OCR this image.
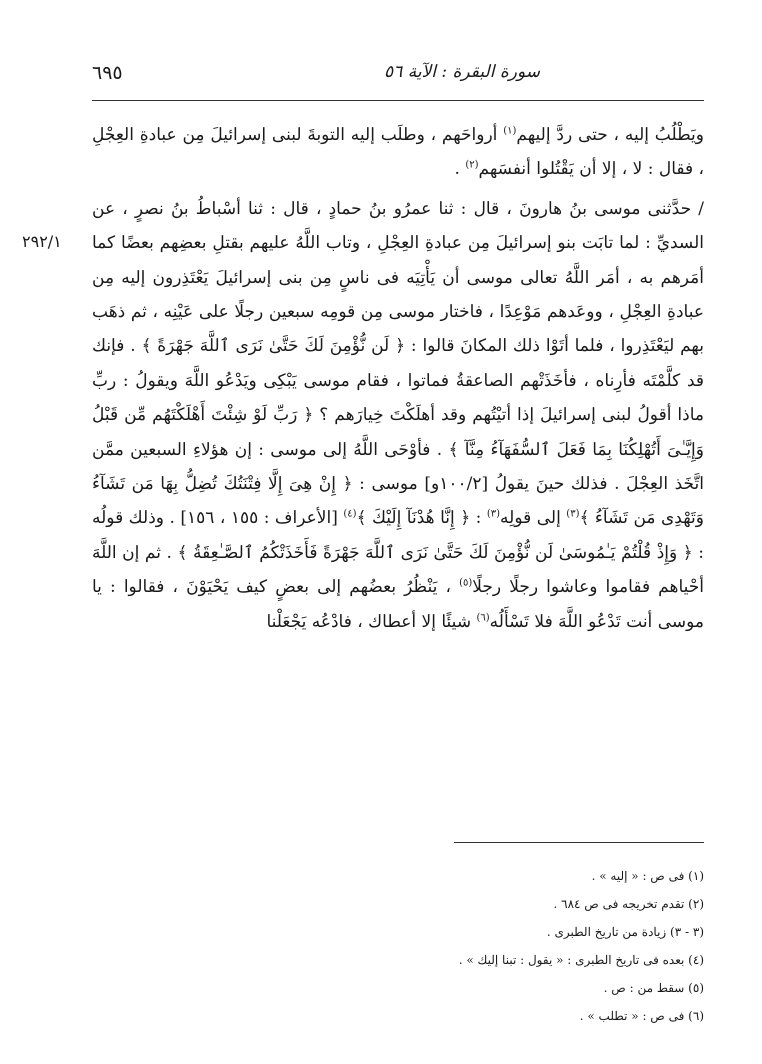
٦٩٥	سورة البقرة : الآية ٥٦
٢٩٢/١

ويَطْلُبُ إليه ، حتى ردَّ إليهم$^{(١)}$ أرواحَهم ، وطلَب إليه التوبةَ لبنى إسرائيلَ مِن عبادةِ العِجْلِ ، فقال : لا ، إلا أن يَقْتُلوا أنفسَهم$^{(٢)}$ .

/ حدَّثنى موسى بنُ هارونَ ، قال : ثنا عمرُو بنُ حمادٍ ، قال : ثنا أسْباطُ بنُ نصرٍ ، عن السديِّ : لما تابَت بنو إسرائيلَ مِن عبادةِ العِجْلِ ، وتاب اللَّهُ عليهم بقتلِ بعضِهم بعضًا كما أمَرهم به ، أمَر اللَّهُ تعالى موسى أن يَأْتِيَه فى ناسٍ مِن بنى إسرائيلَ يَعْتَذِرون إليه مِن عبادةِ العِجْلِ ، ووعَدهم مَوْعِدًا ، فاختار موسى مِن قومِه سبعين رجلًا على عَيْنِه ، ثم ذهَب بهم ليَعْتَذِروا ، فلما أتَوْا ذلك المكانَ قالوا : ﴿ لَن نُّؤْمِنَ لَكَ حَتَّىٰ نَرَى ٱللَّهَ جَهْرَةً ﴾ . فإنك قد كلَّمْتَه فأرِناه ، فأخَذَتْهم الصاعقةُ فماتوا ، فقام موسى يَبْكِى ويَدْعُو اللَّهَ ويقولُ : ربِّ ماذا أقولُ لبنى إسرائيلَ إذا أتيْتُهم وقد أهلَكْتَ خِيارَهم ؟ ﴿ رَبِّ لَوْ شِئْتَ أَهْلَكْتَهُم مِّن قَبْلُ وَإِيَّـٰىَ أَتُهْلِكُنَا بِمَا فَعَلَ ٱلسُّفَهَآءُ مِنَّآ ﴾ . فأوْحَى اللَّهُ إلى موسى : إن هؤلاءِ السبعين ممَّن اتَّخَذ العِجْلَ . فذلك حينَ يقولُ [١٠٠/٢و] موسى : ﴿ إِنْ هِىَ إِلَّا فِتْنَتُكَ تُضِلُّ بِهَا مَن تَشَآءُ وَتَهْدِى مَن تَشَآءُ ﴾$^{(٣)}$ إلى قولِه$^{(٣)}$ : ﴿ إِنَّا هُدْنَآ إِلَيْكَ ﴾$^{(٤)}$ [الأعراف : ١٥٥ ، ١٥٦] . وذلك قولُه : ﴿ وَإِذْ قُلْتُمْ يَـٰمُوسَىٰ لَن نُّؤْمِنَ لَكَ حَتَّىٰ نَرَى ٱللَّهَ جَهْرَةً فَأَخَذَتْكُمُ ٱلصَّـٰعِقَةُ ﴾ . ثم إن اللَّهَ أحْياهم فقاموا وعاشوا رجلًا رجلًا$^{(٥)}$ ، يَنْظُرُ بعضُهم إلى بعضٍ كيف يَحْيَوْنَ ، فقالوا : يا موسى أنت تَدْعُو اللَّهَ فلا تَسْأَلُه$^{(٦)}$ شيئًا إلا أعطاك ، فادْعُه يَجْعَلْنا

(١) فى ص : « إليه » .

(٢) تقدم تخريجه فى ص ٦٨٤ .

(٣ - ٣) زيادة من تاريخ الطبرى .

(٤) بعده فى تاريخ الطبرى : « يقول : تبنا إليك » .

(٥) سقط من : ص .

(٦) فى ص : « تطلب » .
